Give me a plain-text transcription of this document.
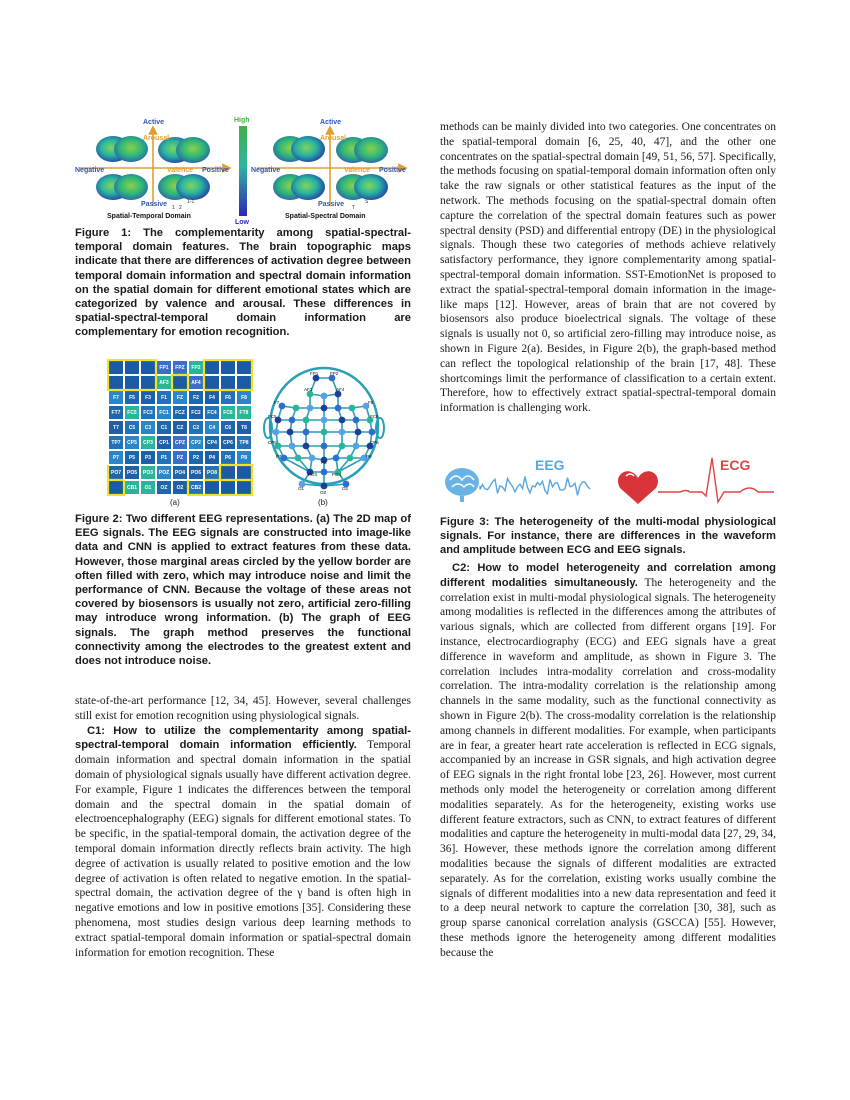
Active
Arousal
Negative	Valence Positive
Passive 1 2
1-1
Spatial-Temporal Domain
High
Low
Active
Arousal
Negative	Valence Positive
Passive T
S
Spatial-Spectral Domain
Figure 1: The complementarity among spatial-spectral-temporal domain features. The brain topographic maps indicate that there are differences of activation degree between temporal domain information and spectral domain information on the spatial domain for different emotional states which are categorized by valence and arousal. These differences in spatial-spectral-temporal domain information are complementary for emotion recognition.
FP1	FPZ	FP2
AF3	AF4
F7	F5	F3	F1	FZ	F2	F4	F6	F8
FT7	FC5	FC3	FC1	FCZ	FC2	FC4	FC6	FT8
T7	C5	C3	C1	CZ	C2	C4	C6	T8
TP7	CP5	CP3	CP1	CPZ	CP2	CP4	CP6	TP8
P7	P5	P3	P1	PZ	P2	P4	P6	P8
PO7	PO5	PO3	POZ	PO4	PO6	PO8
CB1	O1	OZ	O2	CB2
FP1	FP2
AF3	AF4
F7	F8
FC5	FC6
CP5	CP6
P7	P8
O1
OZ
O2
PO3	PO4
PZ
(a)	(b)
Figure 2: Two different EEG representations. (a) The 2D map of EEG signals. The EEG signals are constructed into image-like data and CNN is applied to extract features from these data. However, those marginal areas circled by the yellow border are often filled with zero, which may introduce noise and limit the performance of CNN. Because the voltage of these areas not covered by biosensors is usually not zero, artificial zero-filling may introduce wrong information. (b) The graph of EEG signals. The graph method preserves the functional connectivity among the electrodes to the greatest extent and does not introduce noise.

state-of-the-art performance [12, 34, 45]. However, several challenges still exist for emotion recognition using physiological signals.

C1: How to utilize the complementarity among spatial-spectral-temporal domain information efficiently. Temporal domain information and spectral domain information in the spatial domain of physiological signals usually have different activation degree. For example, Figure 1 indicates the differences between the temporal domain and the spectral domain in the spatial domain of electroencephalography (EEG) signals for different emotional states. To be specific, in the spatial-temporal domain, the activation degree of the temporal domain information directly reflects brain activity. The high degree of activation is usually related to positive emotion and the low degree of activation is often related to negative emotion. In the spatial-spectral domain, the activation degree of the γ band is often high in negative emotions and low in positive emotions [35]. Considering these phenomena, most studies design various deep learning methods to extract spatial-temporal domain information or spatial-spectral domain information for emotion recognition. These

methods can be mainly divided into two categories. One concentrates on the spatial-temporal domain [6, 25, 40, 47], and the other one concentrates on the spatial-spectral domain [49, 51, 56, 57]. Specifically, the methods focusing on spatial-temporal domain information often only take the raw signals or other statistical features as the input of the network. The methods focusing on the spatial-spectral domain often capture the correlation of the spectral domain features such as power spectral density (PSD) and differential entropy (DE) in the physiological signals. Though these two categories of methods achieve relatively satisfactory performance, they ignore complementarity among spatial-spectral-temporal domain information. SST-EmotionNet is proposed to extract the spatial-spectral-temporal domain information in the image-like maps [12]. However, areas of brain that are not covered by biosensors also produce bioelectrical signals. The voltage of these signals is usually not 0, so artificial zero-filling may introduce noise, as shown in Figure 2(a). Besides, in Figure 2(b), the graph-based method can reflect the topological relationship of the brain [17, 48]. These shortcomings limit the performance of classification to a certain extent. Therefore, how to effectively extract spatial-spectral-temporal domain information is challenging work.

EEG	ECG
Figure 3: The heterogeneity of the multi-modal physiological signals. For instance, there are differences in the waveform and amplitude between ECG and EEG signals.

C2: How to model heterogeneity and correlation among different modalities simultaneously. The heterogeneity and the correlation exist in multi-modal physiological signals. The heterogeneity among modalities is reflected in the differences among the attributes of various signals, which are collected from different organs [19]. For instance, electrocardiography (ECG) and EEG signals have a great difference in waveform and amplitude, as shown in Figure 3. The correlation includes intra-modality correlation and cross-modality correlation. The intra-modality correlation is the relationship among channels in the same modality, such as the functional connectivity as shown in Figure 2(b). The cross-modality correlation is the relationship among channels in different modalities. For example, when participants are in fear, a greater heart rate acceleration is reflected in ECG signals, accompanied by an increase in GSR signals, and high activation degree of EEG signals in the right frontal lobe [23, 26]. However, most current methods only model the heterogeneity or correlation among different modalities separately. As for the heterogeneity, existing works use different feature extractors, such as CNN, to extract features of different modalities and capture the heterogeneity in multi-modal data [27, 29, 34, 36]. However, these methods ignore the correlation among different modalities because the signals of different modalities are extracted separately. As for the correlation, existing works usually combine the signals of different modalities into a new data representation and feed it to a deep neural network to capture the correlation [30, 38], such as group sparse canonical correlation analysis (GSCCA) [55]. However, these methods ignore the heterogeneity among different modalities because the
